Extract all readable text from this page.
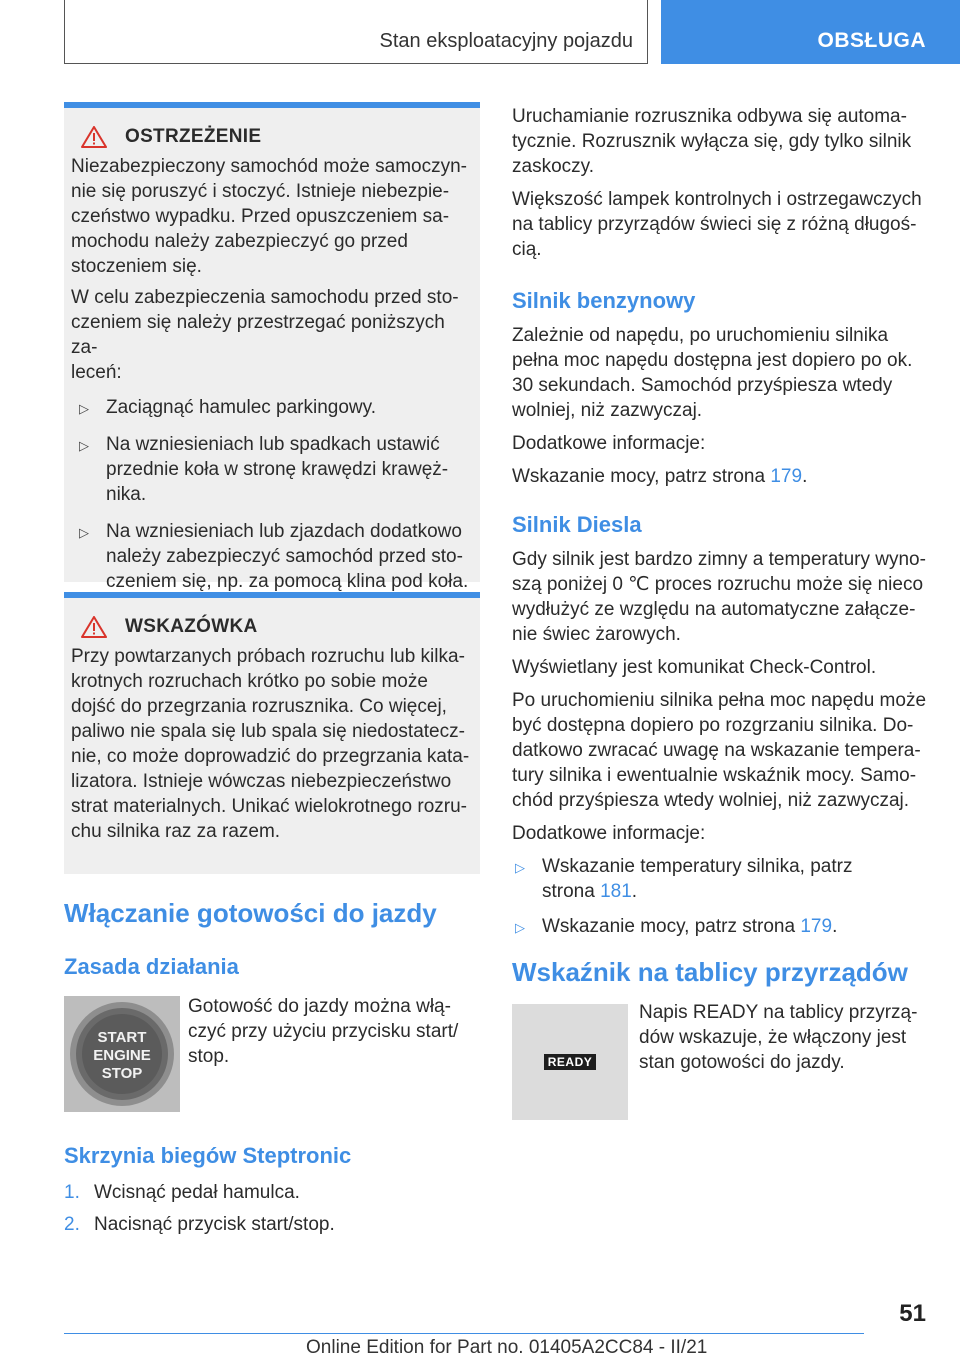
Stan eksploatacyjny pojazdu	OBSŁUGA
OSTRZEŻENIE

Niezabezpieczony samochód może samoczyn-
nie się poruszyć i stoczyć. Istnieje niebezpie-
czeństwo wypadku. Przed opuszczeniem sa-
mochodu należy zabezpieczyć go przed
stoczeniem się.

W celu zabezpieczenia samochodu przed sto-
czeniem się należy przestrzegać poniższych za-
leceń:

▷ Zaciągnąć hamulec parkingowy.

▷ Na wzniesieniach lub spadkach ustawić
przednie koła w stronę krawędzi krawęż-
nika.

▷ Na wzniesieniach lub zjazdach dodatkowo
należy zabezpieczyć samochód przed sto-
czeniem się, np. za pomocą klina pod koła.

WSKAZÓWKA

Przy powtarzanych próbach rozruchu lub kilka-
krotnych rozruchach krótko po sobie może
dojść do przegrzania rozrusznika. Co więcej,
paliwo nie spala się lub spala się niedostatecz-
nie, co może doprowadzić do przegrzania kata-
lizatora. Istnieje wówczas niebezpieczeństwo
strat materialnych. Unikać wielokrotnego rozru-
chu silnika raz za razem.

Włączanie gotowości do jazdy
Zasada działania
START
ENGINE
STOP

Gotowość do jazdy można włą-
czyć przy użyciu przycisku start/
stop.

Skrzynia biegów Steptronic

1. Wcisnąć pedał hamulca.

2. Nacisnąć przycisk start/stop.

Uruchamianie rozrusznika odbywa się automa-
tycznie. Rozrusznik wyłącza się, gdy tylko silnik
zaskoczy.

Większość lampek kontrolnych i ostrzegawczych
na tablicy przyrządów świeci się z różną długoś-
cią.

Silnik benzynowy

Zależnie od napędu, po uruchomieniu silnika
pełna moc napędu dostępna jest dopiero po ok.
30 sekundach. Samochód przyśpiesza wtedy
wolniej, niż zazwyczaj.

Dodatkowe informacje:

Wskazanie mocy, patrz strona 179.

Silnik Diesla

Gdy silnik jest bardzo zimny a temperatury wyno-
szą poniżej 0 ℃ proces rozruchu może się nieco
wydłużyć ze względu na automatyczne załącze-
nie świec żarowych.

Wyświetlany jest komunikat Check-Control.

Po uruchomieniu silnika pełna moc napędu może
być dostępna dopiero po rozgrzaniu silnika. Do-
datkowo zwracać uwagę na wskazanie tempera-
tury silnika i ewentualnie wskaźnik mocy. Samo-
chód przyśpiesza wtedy wolniej, niż zazwyczaj.

Dodatkowe informacje:

▷ Wskazanie temperatury silnika, patrz
strona 181.

▷ Wskazanie mocy, patrz strona 179.

Wskaźnik na tablicy przyrządów
READY

Napis READY na tablicy przyrzą-
dów wskazuje, że włączony jest
stan gotowości do jazdy.

51
Online Edition for Part no. 01405A2CC84 - II/21
